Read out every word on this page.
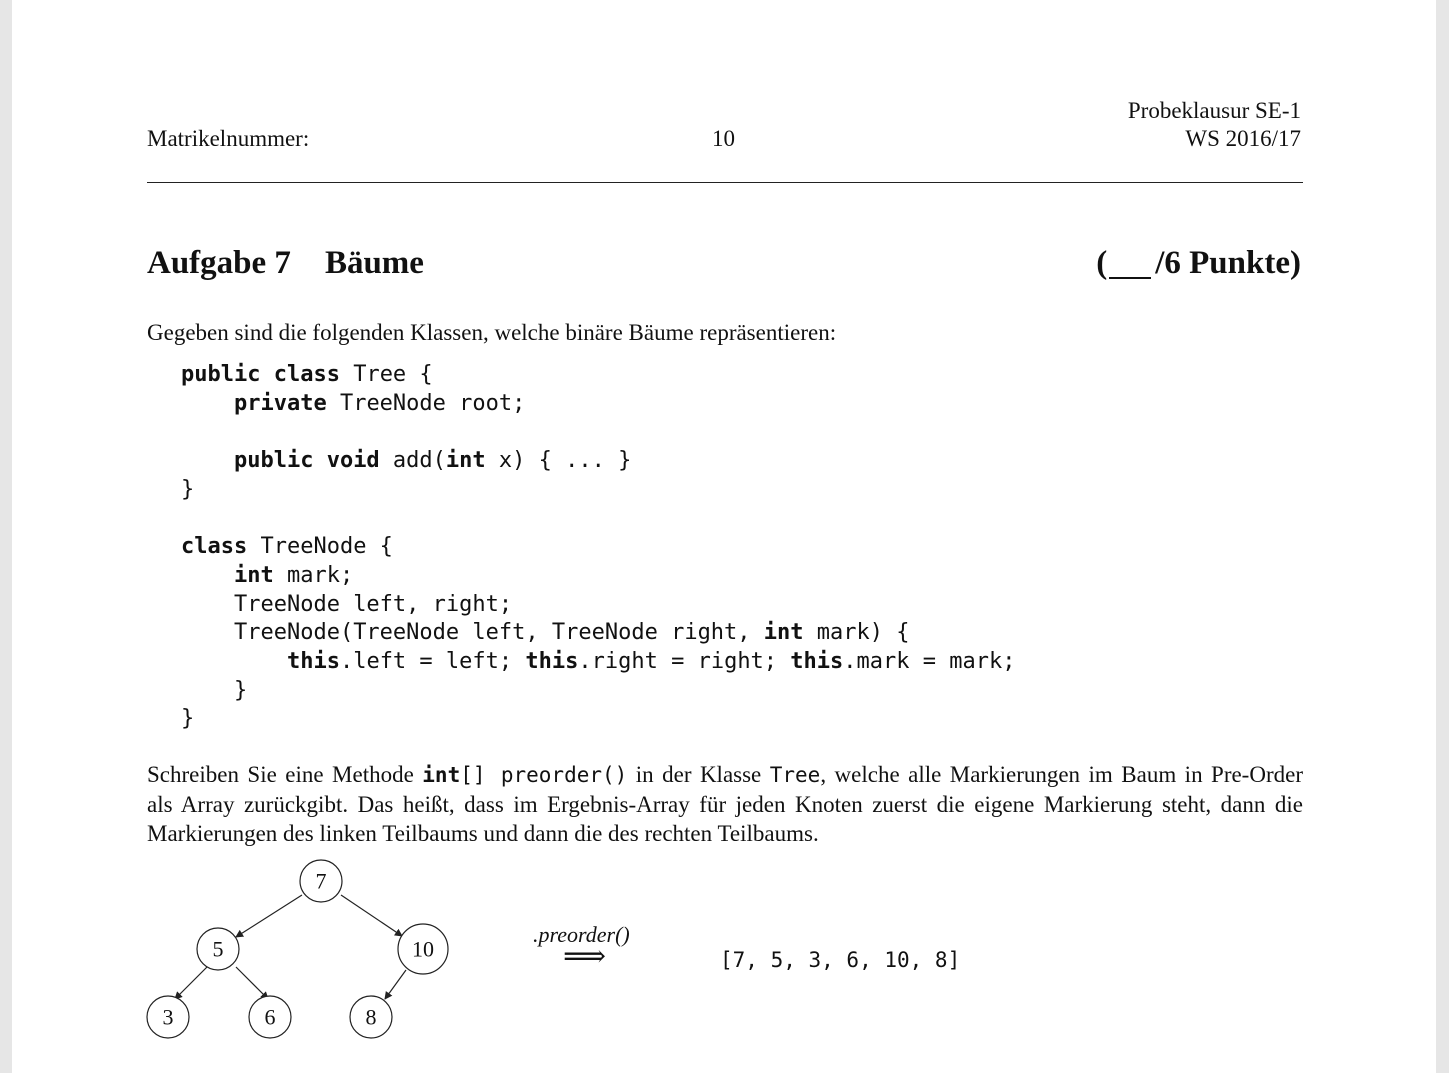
Matrikelnummer:	10
Probeklausur SE-1
WS 2016/17
Aufgabe 7 Bäume	( /6 Punkte)
Gegeben sind die folgenden Klassen, welche binäre Bäume repräsentieren:
public class Tree {
private TreeNode root;

public void add(int x) { ... }
}

class TreeNode {
int mark;
TreeNode left, right;
TreeNode(TreeNode left, TreeNode right, int mark) {
this.left = left; this.right = right; this.mark = mark;
}
}
Schreiben Sie eine Methode int[] preorder() in der Klasse Tree, welche alle Markierungen im Baum in Pre-Order
als Array zurückgibt. Das heißt, dass im Ergebnis-Array für jeden Knoten zuerst die eigene Markierung steht, dann die
Markierungen des linken Teilbaums und dann die des rechten Teilbaums.
7
5	10
3	6	8
.preorder()
⟹	[7, 5, 3, 6, 10, 8]
